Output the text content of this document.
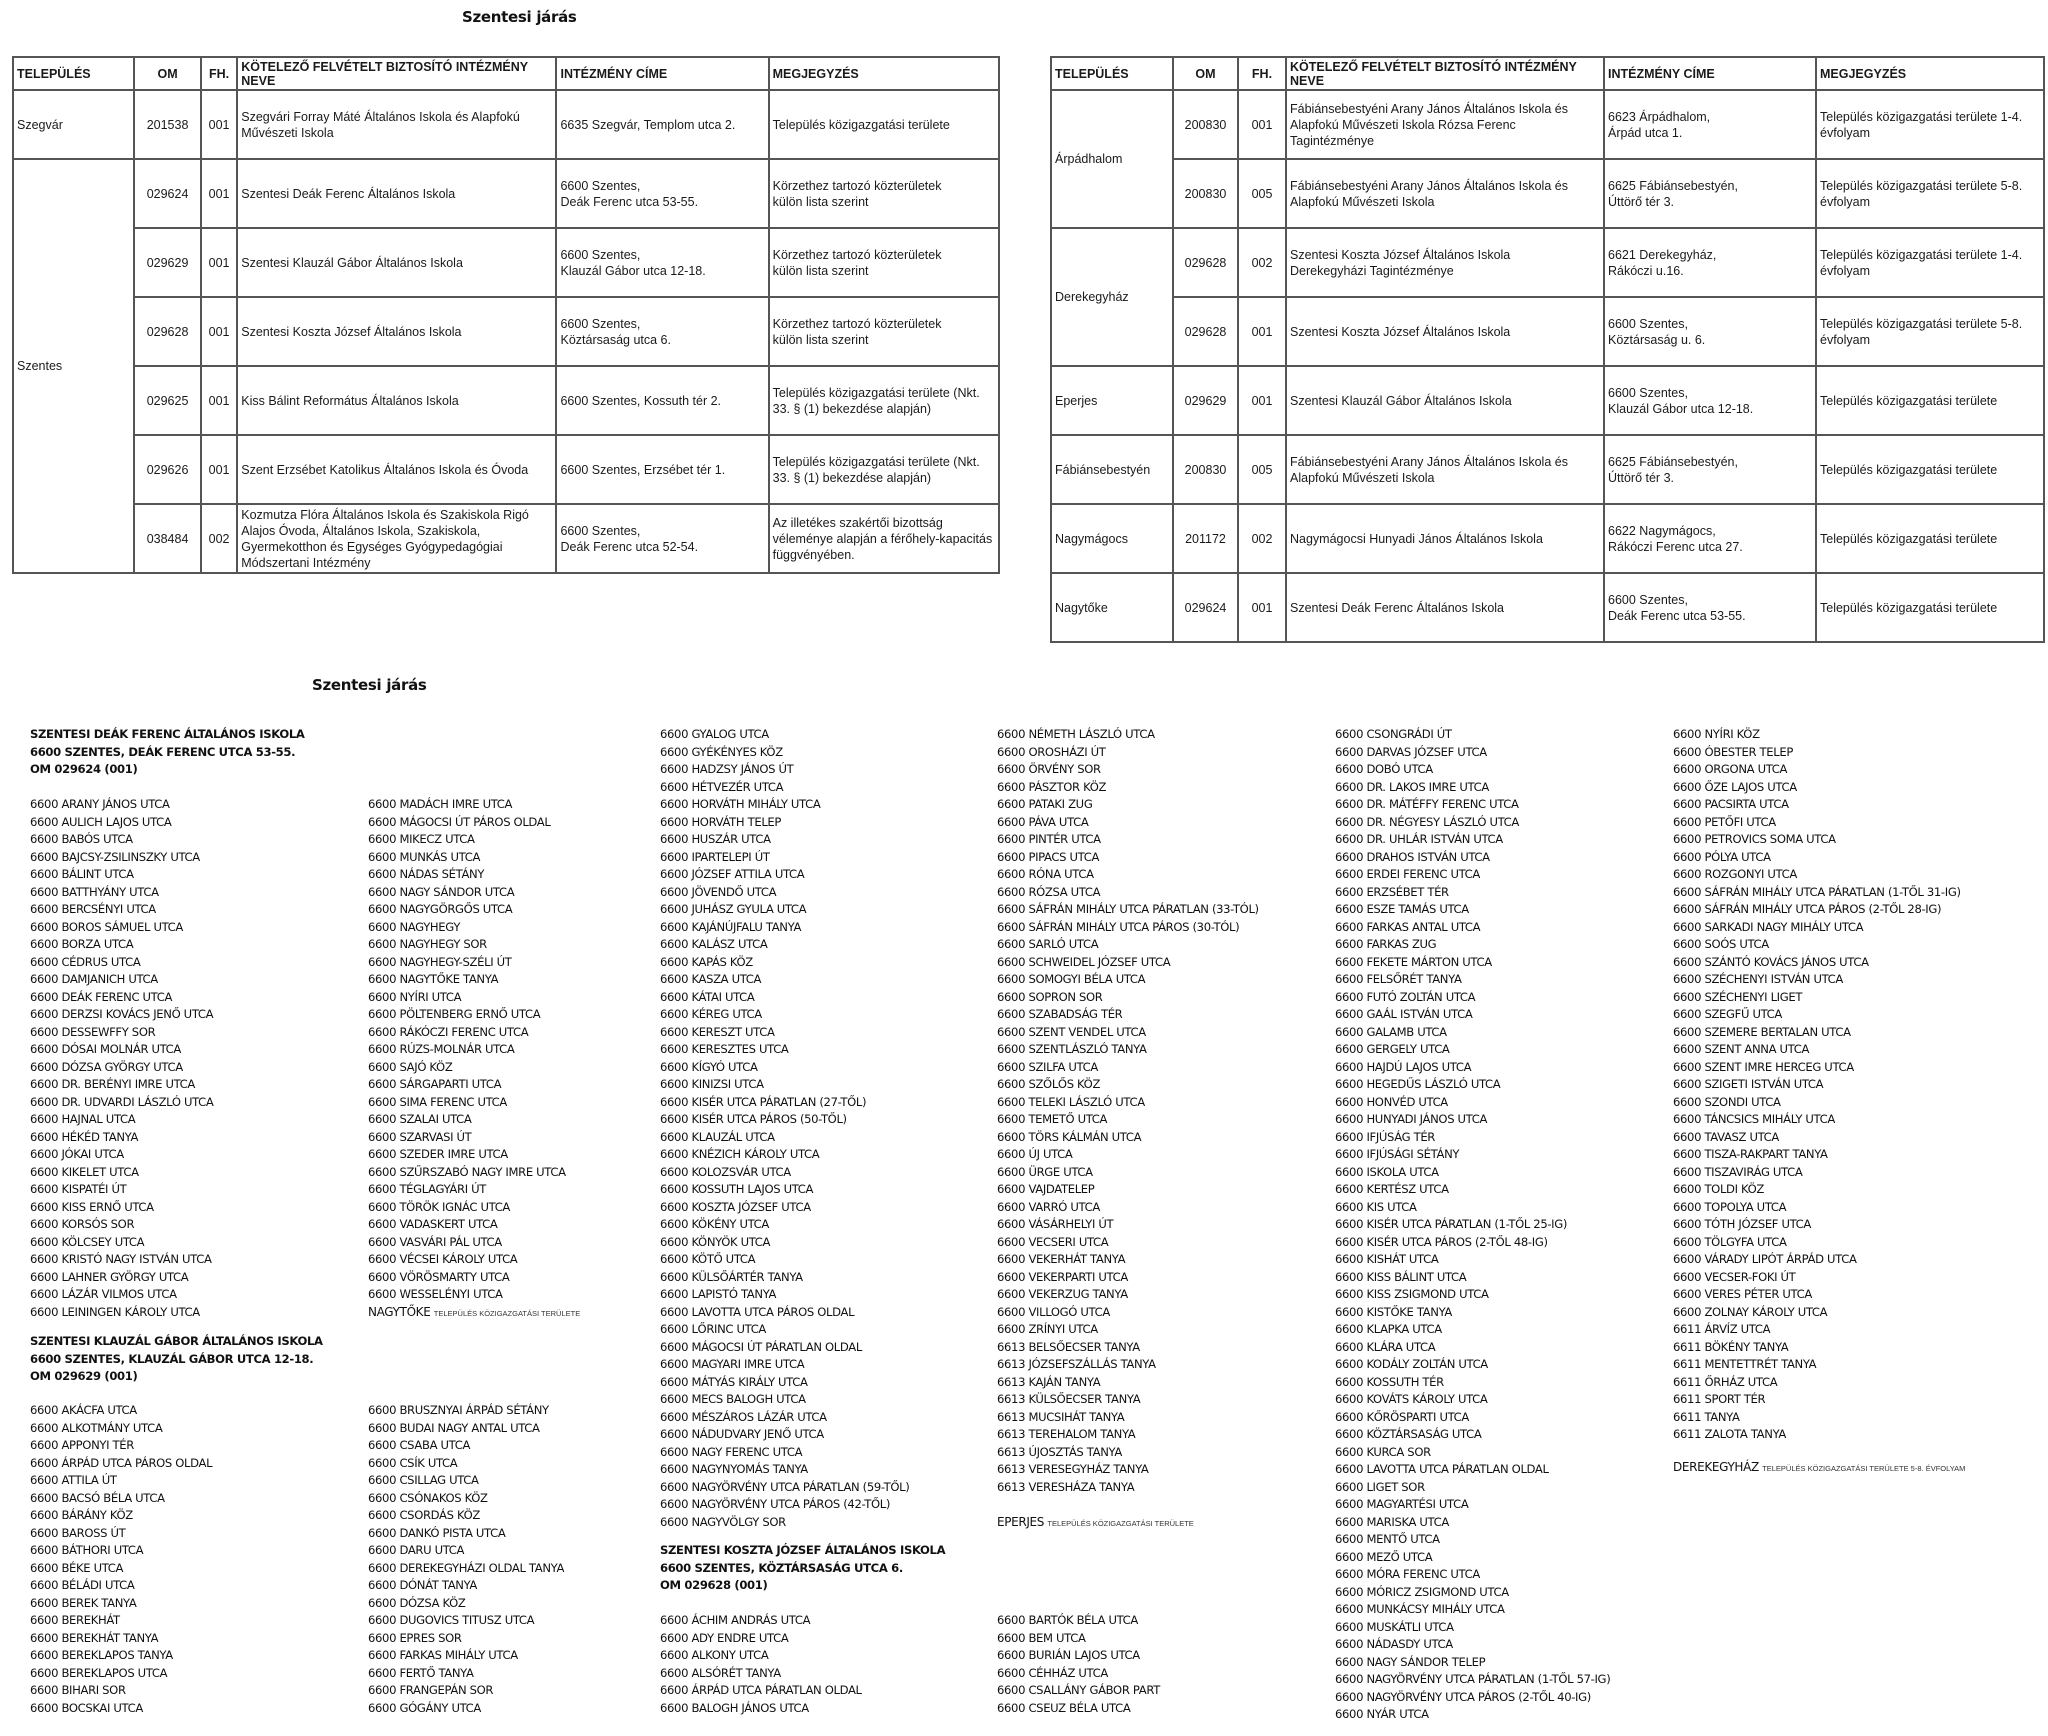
Szentesi járás
TELEPÜLÉS	OM	FH.	KÖTELEZŐ FELVÉTELT BIZTOSÍTÓ INTÉZMÉNY NEVE	INTÉZMÉNY CÍME	MEGJEGYZÉS
Szegvár	201538	001	Szegvári Forray Máté Általános Iskola és Alapfokú Művészeti Iskola	6635 Szegvár, Templom utca 2.	Település közigazgatási területe
Szentes	029624	001	Szentesi Deák Ferenc Általános Iskola	6600 Szentes,
Deák Ferenc utca 53-55.	Körzethez tartozó közterületek
külön lista szerint
	029629	001	Szentesi Klauzál Gábor Általános Iskola	6600 Szentes,
Klauzál Gábor utca 12-18.	Körzethez tartozó közterületek
külön lista szerint
	029628	001	Szentesi Koszta József Általános Iskola	6600 Szentes,
Köztársaság utca 6.	Körzethez tartozó közterületek
külön lista szerint
	029625	001	Kiss Bálint Református Általános Iskola	6600 Szentes, Kossuth tér 2.	Település közigazgatási területe (Nkt. 33. § (1) bekezdése alapján)
	029626	001	Szent Erzsébet Katolikus Általános Iskola és Óvoda	6600 Szentes, Erzsébet tér 1.	Település közigazgatási területe (Nkt. 33. § (1) bekezdése alapján)
	038484	002	Kozmutza Flóra Általános Iskola és Szakiskola Rigó Alajos Óvoda, Általános Iskola, Szakiskola, Gyermekotthon és Egységes Gyógypedagógiai Módszertani Intézmény	6600 Szentes,
Deák Ferenc utca 52-54.	Az illetékes szakértői bizottság véleménye alapján a férőhely-kapacitás függvényében.
TELEPÜLÉS	OM	FH.	KÖTELEZŐ FELVÉTELT BIZTOSÍTÓ INTÉZMÉNY NEVE	INTÉZMÉNY CÍME	MEGJEGYZÉS
Árpádhalom	200830	001	Fábiánsebestyéni Arany János Általános Iskola és Alapfokú Művészeti Iskola Rózsa Ferenc Tagintézménye	6623 Árpádhalom,
Árpád utca 1.	Település közigazgatási területe 1-4. évfolyam
	200830	005	Fábiánsebestyéni Arany János Általános Iskola és Alapfokú Művészeti Iskola	6625 Fábiánsebestyén,
Úttörő tér 3.	Település közigazgatási területe 5-8. évfolyam
Derekegyház	029628	002	Szentesi Koszta József Általános Iskola
Derekegyházi Tagintézménye	6621 Derekegyház,
Rákóczi u.16.	Település közigazgatási területe 1-4. évfolyam
	029628	001	Szentesi Koszta József Általános Iskola	6600 Szentes,
Köztársaság u. 6.	Település közigazgatási területe 5-8. évfolyam
Eperjes	029629	001	Szentesi Klauzál Gábor Általános Iskola	6600 Szentes,
Klauzál Gábor utca 12-18.	Település közigazgatási területe
Fábiánsebestyén	200830	005	Fábiánsebestyéni Arany János Általános Iskola és Alapfokú Művészeti Iskola	6625 Fábiánsebestyén,
Úttörő tér 3.	Település közigazgatási területe
Nagymágocs	201172	002	Nagymágocsi Hunyadi János Általános Iskola	6622 Nagymágocs,
Rákóczi Ferenc utca 27.	Település közigazgatási területe
Nagytőke	029624	001	Szentesi Deák Ferenc Általános Iskola	6600 Szentes,
Deák Ferenc utca 53-55.	Település közigazgatási területe
Szentesi járás
SZENTESI DEÁK FERENC ÁLTALÁNOS ISKOLA
6600 SZENTES, DEÁK FERENC UTCA 53-55.
OM 029624 (001)
6600 ARANY JÁNOS UTCA
6600 AULICH LAJOS UTCA
6600 BABÓS UTCA
6600 BAJCSY-ZSILINSZKY UTCA
6600 BÁLINT UTCA
6600 BATTHYÁNY UTCA
6600 BERCSÉNYI UTCA
6600 BOROS SÁMUEL UTCA
6600 BORZA UTCA
6600 CÉDRUS UTCA
6600 DAMJANICH UTCA
6600 DEÁK FERENC UTCA
6600 DERZSI KOVÁCS JENŐ UTCA
6600 DESSEWFFY SOR
6600 DÓSAI MOLNÁR UTCA
6600 DÓZSA GYÖRGY UTCA
6600 DR. BERÉNYI IMRE UTCA
6600 DR. UDVARDI LÁSZLÓ UTCA
6600 HAJNAL UTCA
6600 HÉKÉD TANYA
6600 JÓKAI UTCA
6600 KIKELET UTCA
6600 KISPATÉI ÚT
6600 KISS ERNŐ UTCA
6600 KORSÓS SOR
6600 KÖLCSEY UTCA
6600 KRISTÓ NAGY ISTVÁN UTCA
6600 LAHNER GYÖRGY UTCA
6600 LÁZÁR VILMOS UTCA
6600 LEININGEN KÁROLY UTCA
6600 MADÁCH IMRE UTCA
6600 MÁGOCSI ÚT PÁROS OLDAL
6600 MIKECZ UTCA
6600 MUNKÁS UTCA
6600 NÁDAS SÉTÁNY
6600 NAGY SÁNDOR UTCA
6600 NAGYGÖRGŐS UTCA
6600 NAGYHEGY
6600 NAGYHEGY SOR
6600 NAGYHEGY-SZÉLI ÚT
6600 NAGYTŐKE TANYA
6600 NYÍRI UTCA
6600 PÖLTENBERG ERNŐ UTCA
6600 RÁKÓCZI FERENC UTCA
6600 RÚZS-MOLNÁR UTCA
6600 SAJÓ KÖZ
6600 SÁRGAPARTI UTCA
6600 SIMA FERENC UTCA
6600 SZALAI UTCA
6600 SZARVASI ÚT
6600 SZEDER IMRE UTCA
6600 SZŰRSZABÓ NAGY IMRE UTCA
6600 TÉGLAGYÁRI ÚT
6600 TÖRÖK IGNÁC UTCA
6600 VADASKERT UTCA
6600 VASVÁRI PÁL UTCA
6600 VÉCSEI KÁROLY UTCA
6600 VÖRÖSMARTY UTCA
6600 WESSELÉNYI UTCA
NAGYTŐKE TELEPÜLÉS KÖZIGAZGATÁSI TERÜLETE
SZENTESI KLAUZÁL GÁBOR ÁLTALÁNOS ISKOLA
6600 SZENTES, KLAUZÁL GÁBOR UTCA 12-18.
OM 029629 (001)
6600 AKÁCFA UTCA
6600 ALKOTMÁNY UTCA
6600 APPONYI TÉR
6600 ÁRPÁD UTCA PÁROS OLDAL
6600 ATTILA ÚT
6600 BACSÓ BÉLA UTCA
6600 BÁRÁNY KÖZ
6600 BAROSS ÚT
6600 BÁTHORI UTCA
6600 BÉKE UTCA
6600 BÉLÁDI UTCA
6600 BEREK TANYA
6600 BEREKHÁT
6600 BEREKHÁT TANYA
6600 BEREKLAPOS TANYA
6600 BEREKLAPOS UTCA
6600 BIHARI SOR
6600 BOCSKAI UTCA
6600 BRUSZNYAI ÁRPÁD SÉTÁNY
6600 BUDAI NAGY ANTAL UTCA
6600 CSABA UTCA
6600 CSÍK UTCA
6600 CSILLAG UTCA
6600 CSÓNAKOS KÖZ
6600 CSORDÁS KÖZ
6600 DANKÓ PISTA UTCA
6600 DARU UTCA
6600 DEREKEGYHÁZI OLDAL TANYA
6600 DÓNÁT TANYA
6600 DÓZSA KÖZ
6600 DUGOVICS TITUSZ UTCA
6600 EPRES SOR
6600 FARKAS MIHÁLY UTCA
6600 FERTŐ TANYA
6600 FRANGEPÁN SOR
6600 GÓGÁNY UTCA
6600 GYALOG UTCA
6600 GYÉKÉNYES KÖZ
6600 HADZSY JÁNOS ÚT
6600 HÉTVEZÉR UTCA
6600 HORVÁTH MIHÁLY UTCA
6600 HORVÁTH TELEP
6600 HUSZÁR UTCA
6600 IPARTELEPI ÚT
6600 JÓZSEF ATTILA UTCA
6600 JÖVENDŐ UTCA
6600 JUHÁSZ GYULA UTCA
6600 KAJÁNÚJFALU TANYA
6600 KALÁSZ UTCA
6600 KAPÁS KÖZ
6600 KASZA UTCA
6600 KÁTAI UTCA
6600 KÉREG UTCA
6600 KERESZT UTCA
6600 KERESZTES UTCA
6600 KÍGYÓ UTCA
6600 KINIZSI UTCA
6600 KISÉR UTCA PÁRATLAN (27-TŐL)
6600 KISÉR UTCA PÁROS (50-TŐL)
6600 KLAUZÁL UTCA
6600 KNÉZICH KÁROLY UTCA
6600 KOLOZSVÁR UTCA
6600 KOSSUTH LAJOS UTCA
6600 KOSZTA JÓZSEF UTCA
6600 KÖKÉNY UTCA
6600 KÖNYÖK UTCA
6600 KÖTŐ UTCA
6600 KÜLSŐÁRTÉR TANYA
6600 LAPISTÓ TANYA
6600 LAVOTTA UTCA PÁROS OLDAL
6600 LŐRINC UTCA
6600 MÁGOCSI ÚT PÁRATLAN OLDAL
6600 MAGYARI IMRE UTCA
6600 MÁTYÁS KIRÁLY UTCA
6600 MECS BALOGH UTCA
6600 MÉSZÁROS LÁZÁR UTCA
6600 NÁDUDVARY JENŐ UTCA
6600 NAGY FERENC UTCA
6600 NAGYNYOMÁS TANYA
6600 NAGYÖRVÉNY UTCA PÁRATLAN (59-TŐL)
6600 NAGYÖRVÉNY UTCA PÁROS (42-TŐL)
6600 NAGYVÖLGY SOR
6600 NÉMETH LÁSZLÓ UTCA
6600 OROSHÁZI ÚT
6600 ÖRVÉNY SOR
6600 PÁSZTOR KÖZ
6600 PATAKI ZUG
6600 PÁVA UTCA
6600 PINTÉR UTCA
6600 PIPACS UTCA
6600 RÓNA UTCA
6600 RÓZSA UTCA
6600 SÁFRÁN MIHÁLY UTCA PÁRATLAN (33-TÓL)
6600 SÁFRÁN MIHÁLY UTCA PÁROS (30-TÓL)
6600 SARLÓ UTCA
6600 SCHWEIDEL JÓZSEF UTCA
6600 SOMOGYI BÉLA UTCA
6600 SOPRON SOR
6600 SZABADSÁG TÉR
6600 SZENT VENDEL UTCA
6600 SZENTLÁSZLÓ TANYA
6600 SZILFA UTCA
6600 SZŐLŐS KÖZ
6600 TELEKI LÁSZLÓ UTCA
6600 TEMETŐ UTCA
6600 TÖRS KÁLMÁN UTCA
6600 ÚJ UTCA
6600 ÜRGE UTCA
6600 VAJDATELEP
6600 VARRÓ UTCA
6600 VÁSÁRHELYI ÚT
6600 VECSERI UTCA
6600 VEKERHÁT TANYA
6600 VEKERPARTI UTCA
6600 VEKERZUG TANYA
6600 VILLOGÓ UTCA
6600 ZRÍNYI UTCA
6613 BELSŐECSER TANYA
6613 JÓZSEFSZÁLLÁS TANYA
6613 KAJÁN TANYA
6613 KÜLSŐECSER TANYA
6613 MUCSIHÁT TANYA
6613 TEREHALOM TANYA
6613 ÚJOSZTÁS TANYA
6613 VERESEGYHÁZ TANYA
6613 VERESHÁZA TANYA
EPERJES TELEPÜLÉS KÖZIGAZGATÁSI TERÜLETE
SZENTESI KOSZTA JÓZSEF ÁLTALÁNOS ISKOLA
6600 SZENTES, KÖZTÁRSASÁG UTCA 6.
OM 029628 (001)
6600 ÁCHIM ANDRÁS UTCA
6600 ADY ENDRE UTCA
6600 ALKONY UTCA
6600 ALSÓRÉT TANYA
6600 ÁRPÁD UTCA PÁRATLAN OLDAL
6600 BALOGH JÁNOS UTCA
6600 BARTÓK BÉLA UTCA
6600 BEM UTCA
6600 BURIÁN LAJOS UTCA
6600 CÉHHÁZ UTCA
6600 CSALLÁNY GÁBOR PART
6600 CSEUZ BÉLA UTCA
6600 CSONGRÁDI ÚT
6600 DARVAS JÓZSEF UTCA
6600 DOBÓ UTCA
6600 DR. LAKOS IMRE UTCA
6600 DR. MÁTÉFFY FERENC UTCA
6600 DR. NÉGYESY LÁSZLÓ UTCA
6600 DR. UHLÁR ISTVÁN UTCA
6600 DRAHOS ISTVÁN UTCA
6600 ERDEI FERENC UTCA
6600 ERZSÉBET TÉR
6600 ESZE TAMÁS UTCA
6600 FARKAS ANTAL UTCA
6600 FARKAS ZUG
6600 FEKETE MÁRTON UTCA
6600 FELSŐRÉT TANYA
6600 FUTÓ ZOLTÁN UTCA
6600 GAÁL ISTVÁN UTCA
6600 GALAMB UTCA
6600 GERGELY UTCA
6600 HAJDÚ LAJOS UTCA
6600 HEGEDŰS LÁSZLÓ UTCA
6600 HONVÉD UTCA
6600 HUNYADI JÁNOS UTCA
6600 IFJÚSÁG TÉR
6600 IFJÚSÁGI SÉTÁNY
6600 ISKOLA UTCA
6600 KERTÉSZ UTCA
6600 KIS UTCA
6600 KISÉR UTCA PÁRATLAN (1-TŐL 25-IG)
6600 KISÉR UTCA PÁROS (2-TŐL 48-IG)
6600 KISHÁT UTCA
6600 KISS BÁLINT UTCA
6600 KISS ZSIGMOND UTCA
6600 KISTŐKE TANYA
6600 KLAPKA UTCA
6600 KLÁRA UTCA
6600 KODÁLY ZOLTÁN UTCA
6600 KOSSUTH TÉR
6600 KOVÁTS KÁROLY UTCA
6600 KŐRÖSPARTI UTCA
6600 KÖZTÁRSASÁG UTCA
6600 KURCA SOR
6600 LAVOTTA UTCA PÁRATLAN OLDAL
6600 LIGET SOR
6600 MAGYARTÉSI UTCA
6600 MARISKA UTCA
6600 MENTŐ UTCA
6600 MEZŐ UTCA
6600 MÓRA FERENC UTCA
6600 MÓRICZ ZSIGMOND UTCA
6600 MUNKÁCSY MIHÁLY UTCA
6600 MUSKÁTLI UTCA
6600 NÁDASDY UTCA
6600 NAGY SÁNDOR TELEP
6600 NAGYÖRVÉNY UTCA PÁRATLAN (1-TŐL 57-IG)
6600 NAGYÖRVÉNY UTCA PÁROS (2-TŐL 40-IG)
6600 NYÁR UTCA
6600 NYÍRI KÖZ
6600 ÓBESTER TELEP
6600 ORGONA UTCA
6600 ŐZE LAJOS UTCA
6600 PACSIRTA UTCA
6600 PETŐFI UTCA
6600 PETROVICS SOMA UTCA
6600 PÓLYA UTCA
6600 ROZGONYI UTCA
6600 SÁFRÁN MIHÁLY UTCA PÁRATLAN (1-TŐL 31-IG)
6600 SÁFRÁN MIHÁLY UTCA PÁROS (2-TŐL 28-IG)
6600 SARKADI NAGY MIHÁLY UTCA
6600 SOÓS UTCA
6600 SZÁNTÓ KOVÁCS JÁNOS UTCA
6600 SZÉCHENYI ISTVÁN UTCA
6600 SZÉCHENYI LIGET
6600 SZEGFŰ UTCA
6600 SZEMERE BERTALAN UTCA
6600 SZENT ANNA UTCA
6600 SZENT IMRE HERCEG UTCA
6600 SZIGETI ISTVÁN UTCA
6600 SZONDI UTCA
6600 TÁNCSICS MIHÁLY UTCA
6600 TAVASZ UTCA
6600 TISZA-RAKPART TANYA
6600 TISZAVIRÁG UTCA
6600 TOLDI KÖZ
6600 TOPOLYA UTCA
6600 TÓTH JÓZSEF UTCA
6600 TÖLGYFA UTCA
6600 VÁRADY LIPÓT ÁRPÁD UTCA
6600 VECSER-FOKI ÚT
6600 VERES PÉTER UTCA
6600 ZOLNAY KÁROLY UTCA
6611 ÁRVÍZ UTCA
6611 BÖKÉNY TANYA
6611 MENTETTRÉT TANYA
6611 ŐRHÁZ UTCA
6611 SPORT TÉR
6611 TANYA
6611 ZALOTA TANYA
DEREKEGYHÁZ TELEPÜLÉS KÖZIGAZGATÁSI TERÜLETE 5-8. ÉVFOLYAM
